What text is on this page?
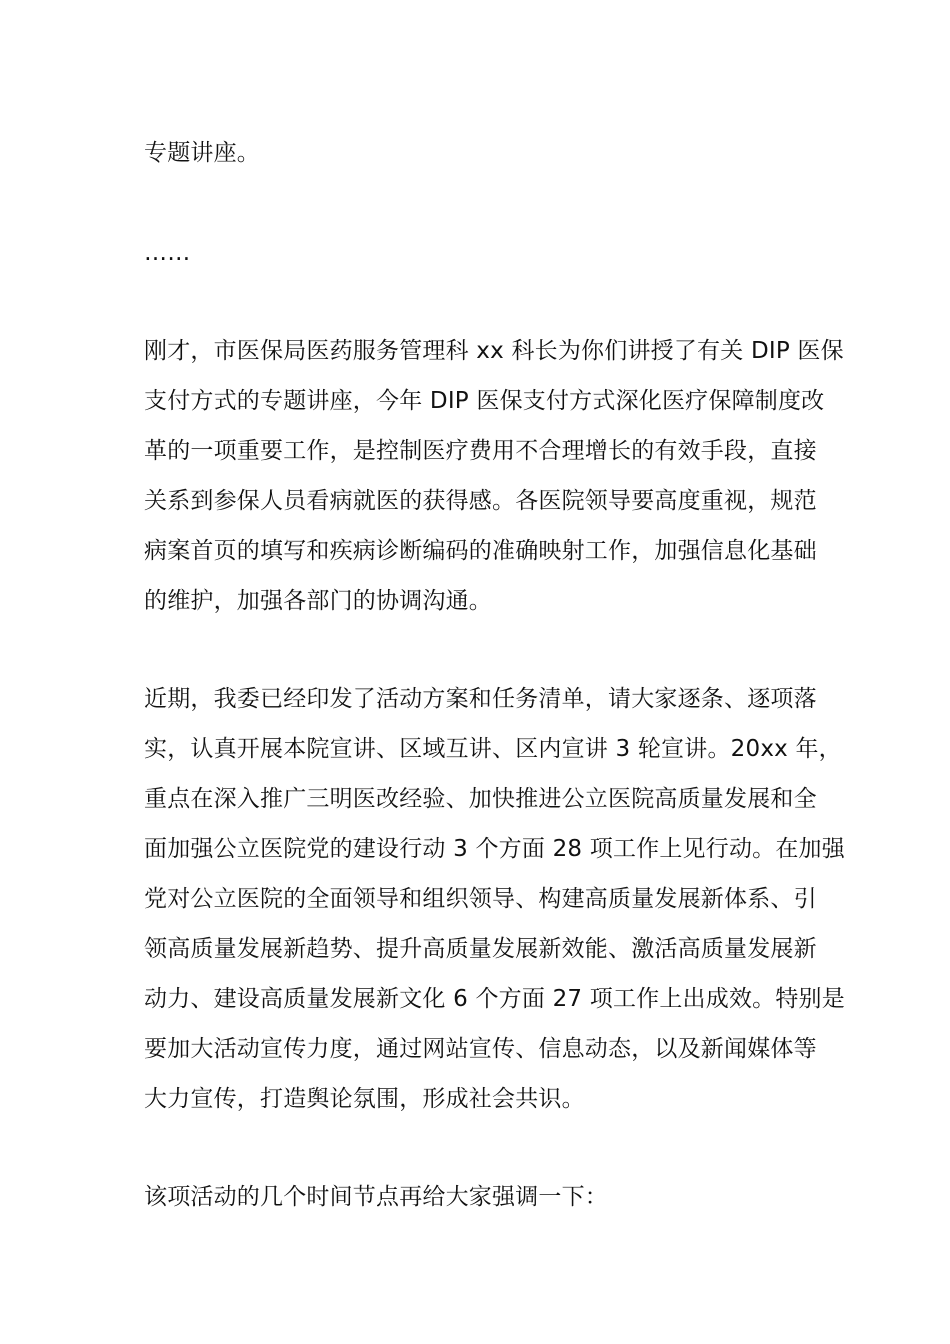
专题讲座。

……

刚才，市医保局医药服务管理科 xx 科长为你们讲授了有关 DIP 医保
支付方式的专题讲座，今年 DIP 医保支付方式深化医疗保障制度改
革的一项重要工作，是控制医疗费用不合理增长的有效手段，直接
关系到参保人员看病就医的获得感。各医院领导要高度重视，规范
病案首页的填写和疾病诊断编码的准确映射工作，加强信息化基础
的维护，加强各部门的协调沟通。

近期，我委已经印发了活动方案和任务清单，请大家逐条、逐项落
实，认真开展本院宣讲、区域互讲、区内宣讲 3 轮宣讲。20xx 年，
重点在深入推广三明医改经验、加快推进公立医院高质量发展和全
面加强公立医院党的建设行动 3 个方面 28 项工作上见行动。在加强
党对公立医院的全面领导和组织领导、构建高质量发展新体系、引
领高质量发展新趋势、提升高质量发展新效能、激活高质量发展新
动力、建设高质量发展新文化 6 个方面 27 项工作上出成效。特别是
要加大活动宣传力度，通过网站宣传、信息动态，以及新闻媒体等
大力宣传，打造舆论氛围，形成社会共识。

该项活动的几个时间节点再给大家强调一下：
